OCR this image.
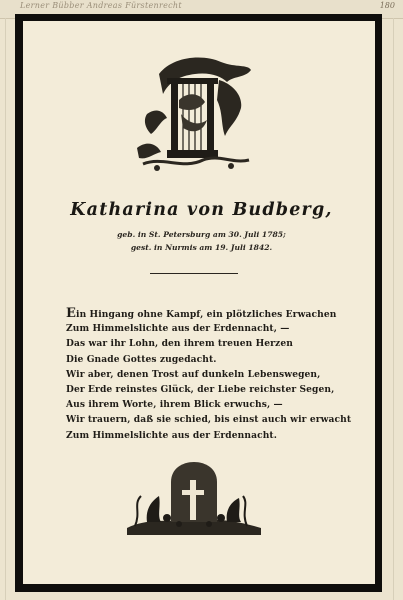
Lerner Bübber Andreas Fürstenrecht	180
Katharina von Budberg,
geb. in St. Petersburg am 30. Juli 1785;
gest. in Nurmis am 19. Juli 1842.
Ein Hingang ohne Kampf, ein plötzliches Erwachen
Zum Himmelslichte aus der Erdennacht, —
Das war ihr Lohn, den ihrem treuen Herzen
Die Gnade Gottes zugedacht.
Wir aber, denen Trost auf dunkeln Lebenswegen,
Der Erde reinstes Glück, der Liebe reichster Segen,
Aus ihrem Worte, ihrem Blick erwuchs, —
Wir trauern, daß sie schied, bis einst auch wir erwacht
Zum Himmelslichte aus der Erdennacht.
